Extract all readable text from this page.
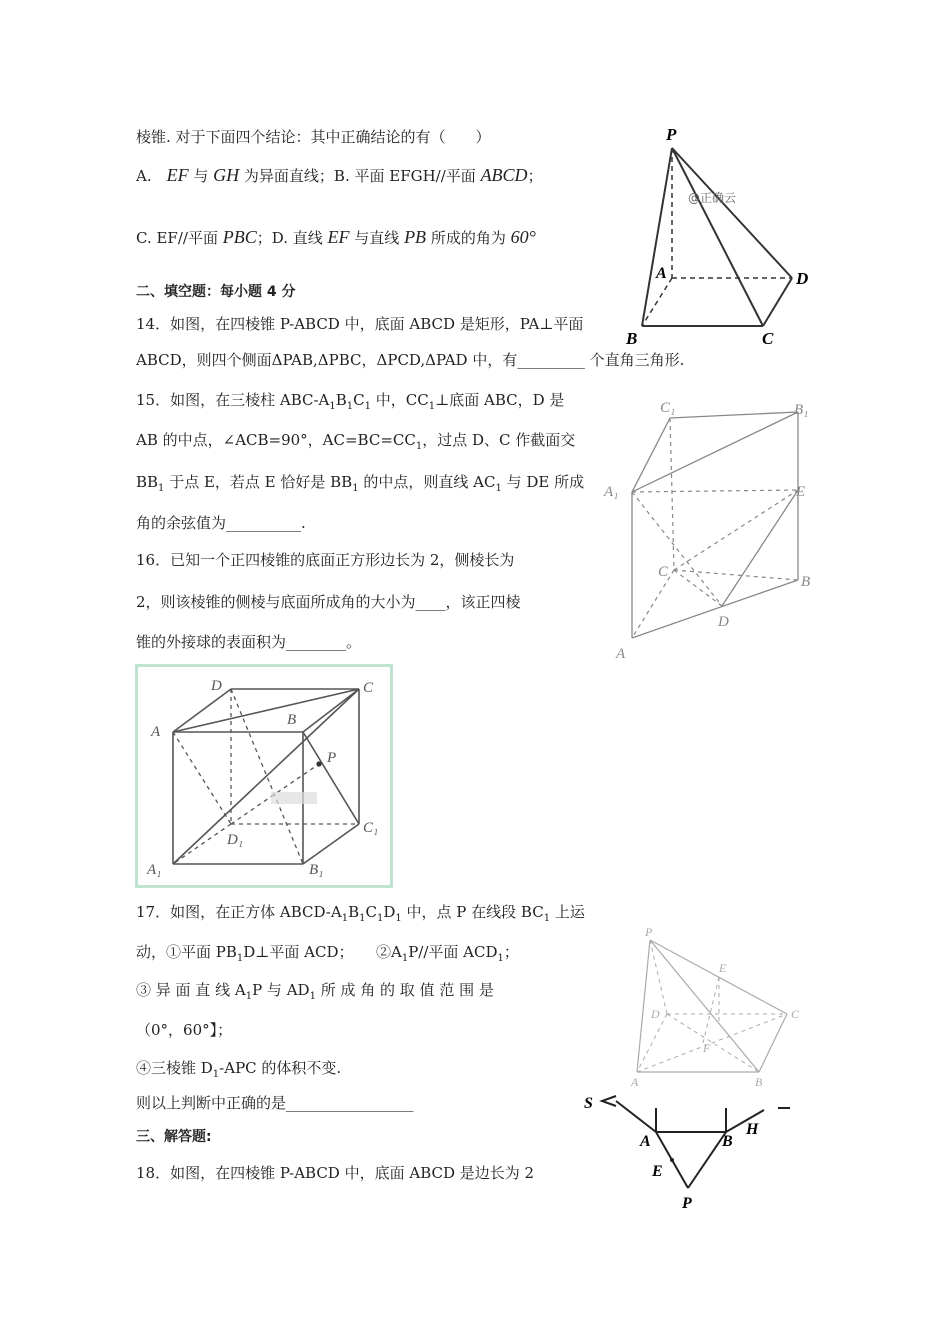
棱锥. 对于下面四个结论：其中正确结论的有（　　）
A.　EF 与 GH 为异面直线；B. 平面 EFGH//平面 ABCD；
C. EF//平面 PBC；D. 直线 EF 与直线 PB 所成的角为 60°
二、填空题：每小题 4 分
14．如图，在四棱锥 P-ABCD 中，底面 ABCD 是矩形，PA⊥平面
ABCD，则四个侧面ΔPAB,ΔPBC，ΔPCD,ΔPAD 中，有_________ 个直角三角形.
15．如图，在三棱柱 ABC-$A_1B_1C_1$ 中，$CC_1\perp$底面 ABC，D 是
AB 的中点，∠ACB=90°，$AC=BC=CC_1$，过点 D、C 作截面交
$BB_1$ 于点 E，若点 E 恰好是 $BB_1$ 的中点，则直线 $AC_1$ 与 DE 所成
角的余弦值为__________.
16．已知一个正四棱锥的底面正方形边长为 2，侧棱长为
2，则该棱锥的侧棱与底面所成角的大小为____，该正四棱
锥的外接球的表面积为________。
17．如图，在正方体 ABCD-$A_1B_1C_1D_1$ 中，点 P 在线段 $BC_1$ 上运
动，①平面 $PB_1D\perp$平面 ACD；　　$②A_1P//$平面 $ACD_1$；
③ 异 面 直 线 $A_1P$ 与 $AD_1$ 所 成 角 的 取 值 范 围 是
（0°，60°】；
④三棱锥 $D_1$-APC 的体积不变.
则以上判断中正确的是_________________
三、解答题:
18．如图，在四棱锥 P-ABCD 中，底面 ABCD 是边长为 2
P
A
B	C
D
@正确云
C₁	B₁
A₁	E
C
B
D
A
D	C
A
B
P
D₁
C₁
A₁	B₁
P
E
D	C
F
A	B
S
A	B
H
E
P
